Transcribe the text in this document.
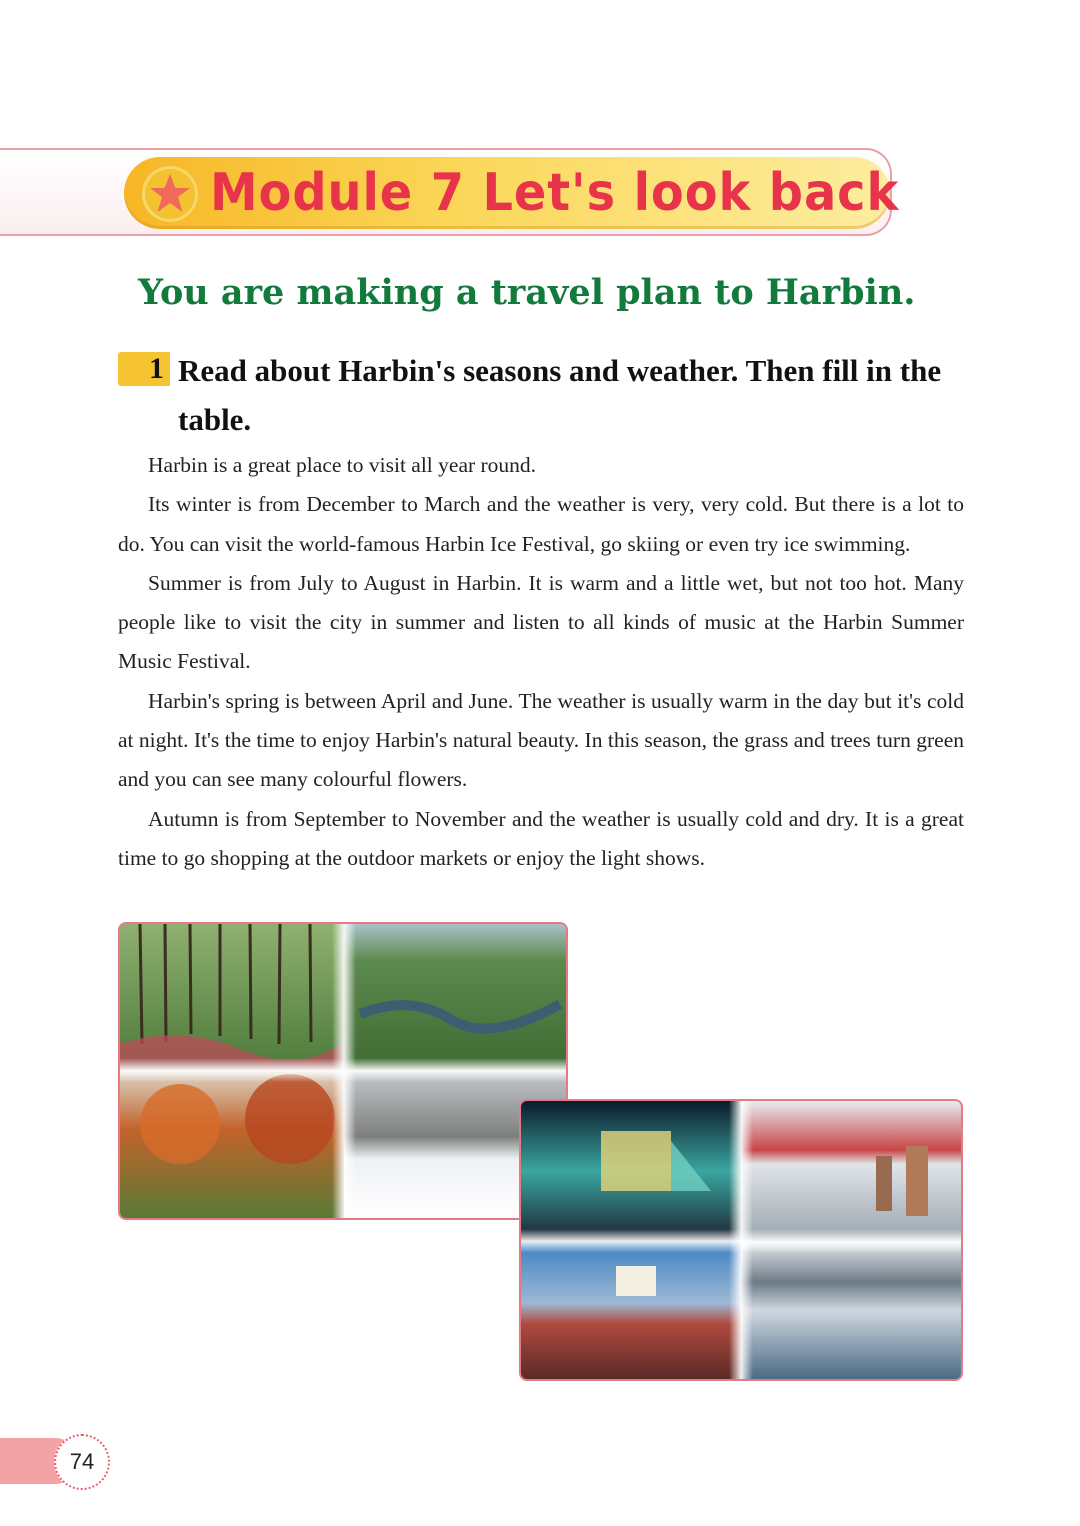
Module 7 Let's look back
You are making a travel plan to Harbin.
1 Read about Harbin's seasons and weather. Then fill in the table.

Harbin is a great place to visit all year round.

Its winter is from December to March and the weather is very, very cold. But there is a lot to do. You can visit the world-famous Harbin Ice Festival, go skiing or even try ice swimming.

Summer is from July to August in Harbin. It is warm and a little wet, but not too hot. Many people like to visit the city in summer and listen to all kinds of music at the Harbin Summer Music Festival.

Harbin's spring is between April and June. The weather is usually warm in the day but it's cold at night. It's the time to enjoy Harbin's natural beauty. In this season, the grass and trees turn green and you can see many colourful flowers.

Autumn is from September to November and the weather is usually cold and dry. It is a great time to go shopping at the outdoor markets or enjoy the light shows.

74
